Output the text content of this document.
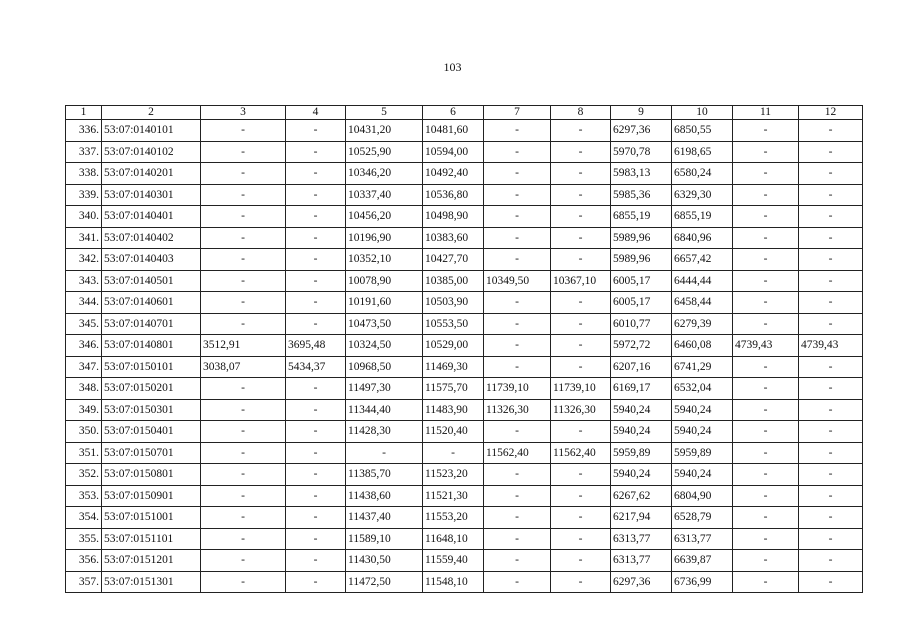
103
1	2	3	4	5	6	7	8	9	10	11	12
336.	53:07:0140101	-	-	10431,20	10481,60	-	-	6297,36	6850,55	-	-
337.	53:07:0140102	-	-	10525,90	10594,00	-	-	5970,78	6198,65	-	-
338.	53:07:0140201	-	-	10346,20	10492,40	-	-	5983,13	6580,24	-	-
339.	53:07:0140301	-	-	10337,40	10536,80	-	-	5985,36	6329,30	-	-
340.	53:07:0140401	-	-	10456,20	10498,90	-	-	6855,19	6855,19	-	-
341.	53:07:0140402	-	-	10196,90	10383,60	-	-	5989,96	6840,96	-	-
342.	53:07:0140403	-	-	10352,10	10427,70	-	-	5989,96	6657,42	-	-
343.	53:07:0140501	-	-	10078,90	10385,00	10349,50	10367,10	6005,17	6444,44	-	-
344.	53:07:0140601	-	-	10191,60	10503,90	-	-	6005,17	6458,44	-	-
345.	53:07:0140701	-	-	10473,50	10553,50	-	-	6010,77	6279,39	-	-
346.	53:07:0140801	3512,91	3695,48	10324,50	10529,00	-	-	5972,72	6460,08	4739,43	4739,43
347.	53:07:0150101	3038,07	5434,37	10968,50	11469,30	-	-	6207,16	6741,29	-	-
348.	53:07:0150201	-	-	11497,30	11575,70	11739,10	11739,10	6169,17	6532,04	-	-
349.	53:07:0150301	-	-	11344,40	11483,90	11326,30	11326,30	5940,24	5940,24	-	-
350.	53:07:0150401	-	-	11428,30	11520,40	-	-	5940,24	5940,24	-	-
351.	53:07:0150701	-	-	-	-	11562,40	11562,40	5959,89	5959,89	-	-
352.	53:07:0150801	-	-	11385,70	11523,20	-	-	5940,24	5940,24	-	-
353.	53:07:0150901	-	-	11438,60	11521,30	-	-	6267,62	6804,90	-	-
354.	53:07:0151001	-	-	11437,40	11553,20	-	-	6217,94	6528,79	-	-
355.	53:07:0151101	-	-	11589,10	11648,10	-	-	6313,77	6313,77	-	-
356.	53:07:0151201	-	-	11430,50	11559,40	-	-	6313,77	6639,87	-	-
357.	53:07:0151301	-	-	11472,50	11548,10	-	-	6297,36	6736,99	-	-
